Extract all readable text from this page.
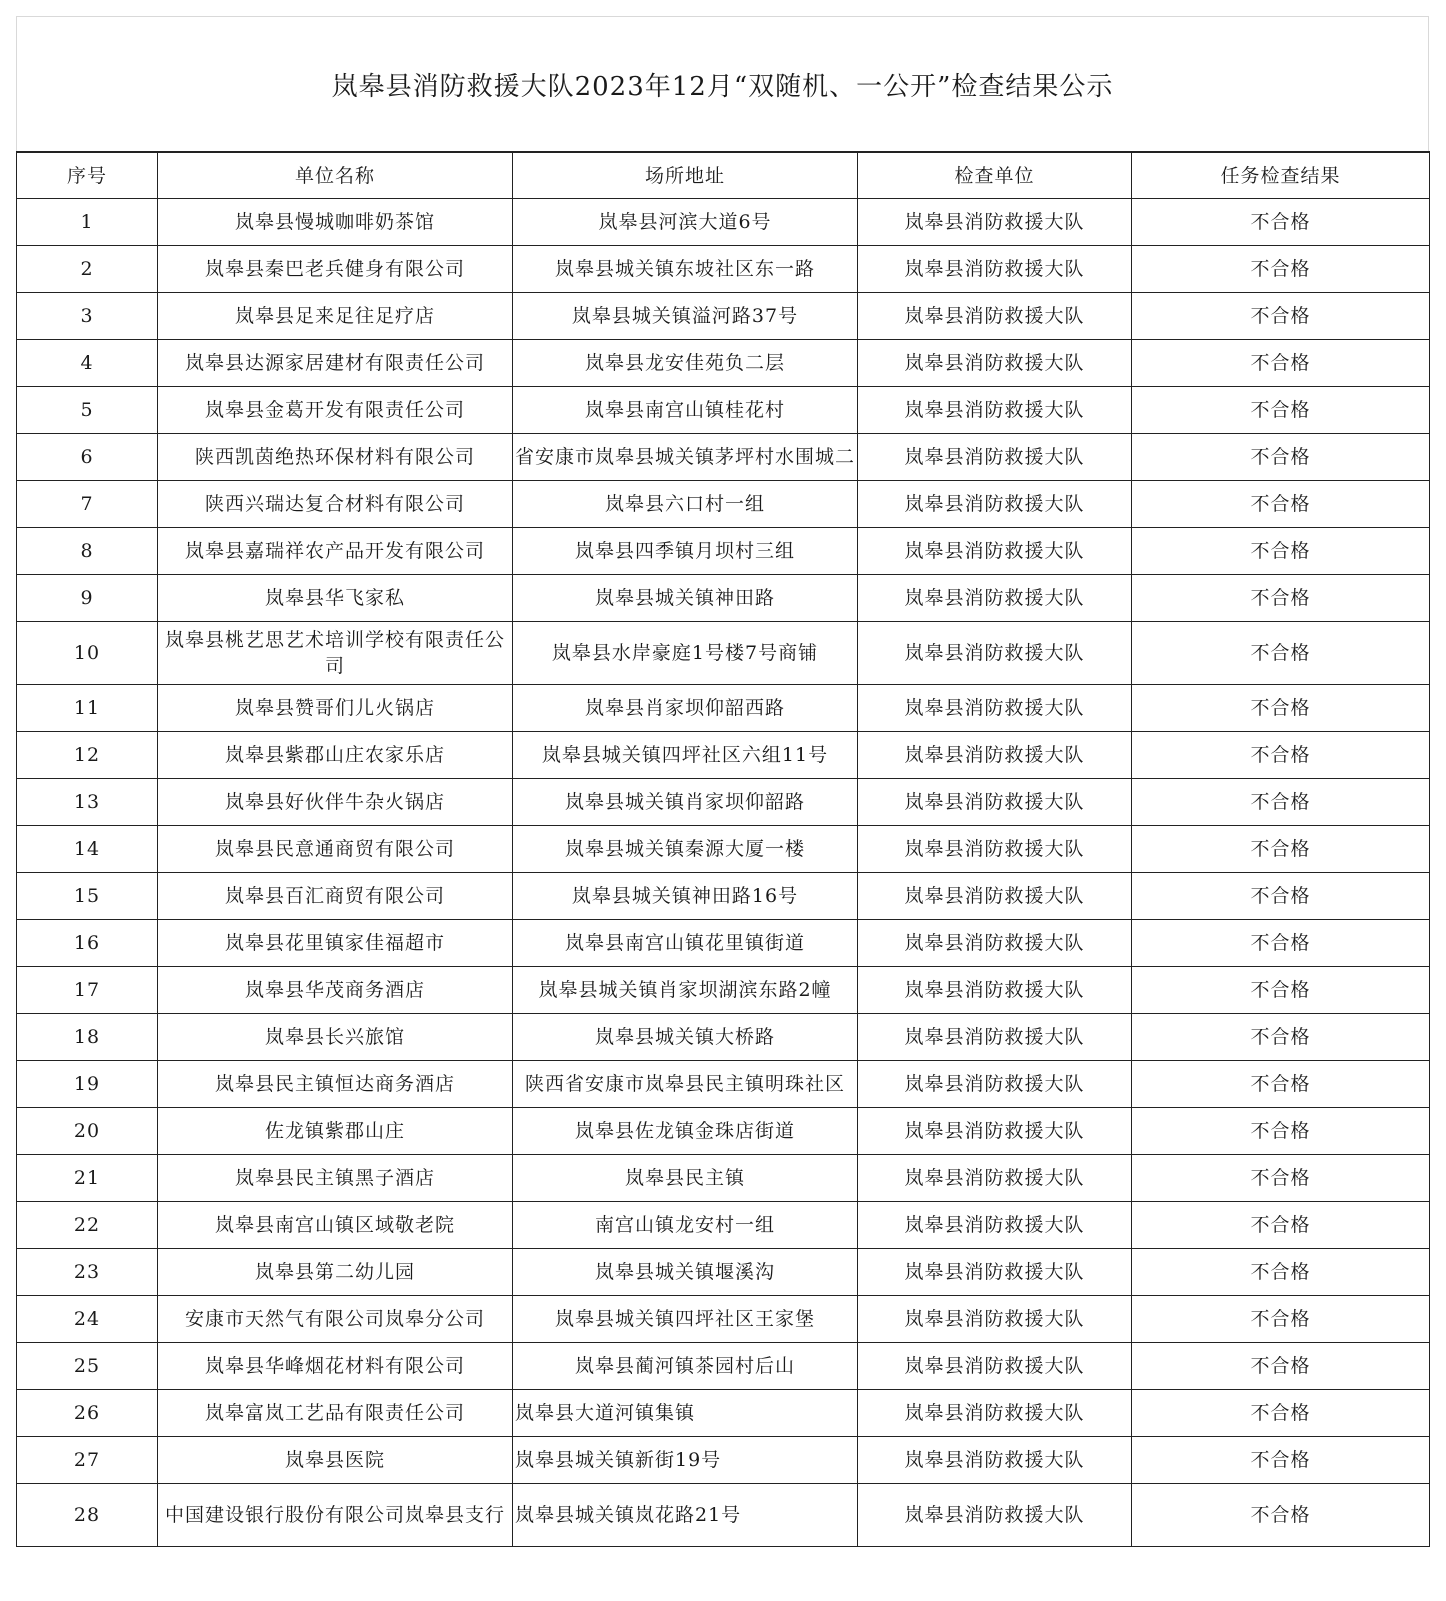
岚皋县消防救援大队2023年12月“双随机、一公开”检查结果公示
序号	单位名称	场所地址	检查单位	任务检查结果
1	岚皋县慢城咖啡奶茶馆	岚皋县河滨大道6号	岚皋县消防救援大队	不合格
2	岚皋县秦巴老兵健身有限公司	岚皋县城关镇东坡社区东一路	岚皋县消防救援大队	不合格
3	岚皋县足来足往足疗店	岚皋县城关镇溢河路37号	岚皋县消防救援大队	不合格
4	岚皋县达源家居建材有限责任公司	岚皋县龙安佳苑负二层	岚皋县消防救援大队	不合格
5	岚皋县金葛开发有限责任公司	岚皋县南宫山镇桂花村	岚皋县消防救援大队	不合格
6	陕西凯茵绝热环保材料有限公司	省安康市岚皋县城关镇茅坪村水围城二	岚皋县消防救援大队	不合格
7	陕西兴瑞达复合材料有限公司	岚皋县六口村一组	岚皋县消防救援大队	不合格
8	岚皋县嘉瑞祥农产品开发有限公司	岚皋县四季镇月坝村三组	岚皋县消防救援大队	不合格
9	岚皋县华飞家私	岚皋县城关镇神田路	岚皋县消防救援大队	不合格
10	岚皋县桃艺思艺术培训学校有限责任公司	岚皋县水岸豪庭1号楼7号商铺	岚皋县消防救援大队	不合格
11	岚皋县赞哥们儿火锅店	岚皋县肖家坝仰韶西路	岚皋县消防救援大队	不合格
12	岚皋县紫郡山庄农家乐店	岚皋县城关镇四坪社区六组11号	岚皋县消防救援大队	不合格
13	岚皋县好伙伴牛杂火锅店	岚皋县城关镇肖家坝仰韶路	岚皋县消防救援大队	不合格
14	岚皋县民意通商贸有限公司	岚皋县城关镇秦源大厦一楼	岚皋县消防救援大队	不合格
15	岚皋县百汇商贸有限公司	岚皋县城关镇神田路16号	岚皋县消防救援大队	不合格
16	岚皋县花里镇家佳福超市	岚皋县南宫山镇花里镇街道	岚皋县消防救援大队	不合格
17	岚皋县华茂商务酒店	岚皋县城关镇肖家坝湖滨东路2幢	岚皋县消防救援大队	不合格
18	岚皋县长兴旅馆	岚皋县城关镇大桥路	岚皋县消防救援大队	不合格
19	岚皋县民主镇恒达商务酒店	陕西省安康市岚皋县民主镇明珠社区	岚皋县消防救援大队	不合格
20	佐龙镇紫郡山庄	岚皋县佐龙镇金珠店街道	岚皋县消防救援大队	不合格
21	岚皋县民主镇黑子酒店	岚皋县民主镇	岚皋县消防救援大队	不合格
22	岚皋县南宫山镇区域敬老院	南宫山镇龙安村一组	岚皋县消防救援大队	不合格
23	岚皋县第二幼儿园	岚皋县城关镇堰溪沟	岚皋县消防救援大队	不合格
24	安康市天然气有限公司岚皋分公司	岚皋县城关镇四坪社区王家堡	岚皋县消防救援大队	不合格
25	岚皋县华峰烟花材料有限公司	岚皋县蔺河镇茶园村后山	岚皋县消防救援大队	不合格
26	岚皋富岚工艺品有限责任公司	岚皋县大道河镇集镇	岚皋县消防救援大队	不合格
27	岚皋县医院	岚皋县城关镇新街19号	岚皋县消防救援大队	不合格
28	中国建设银行股份有限公司岚皋县支行	岚皋县城关镇岚花路21号	岚皋县消防救援大队	不合格
